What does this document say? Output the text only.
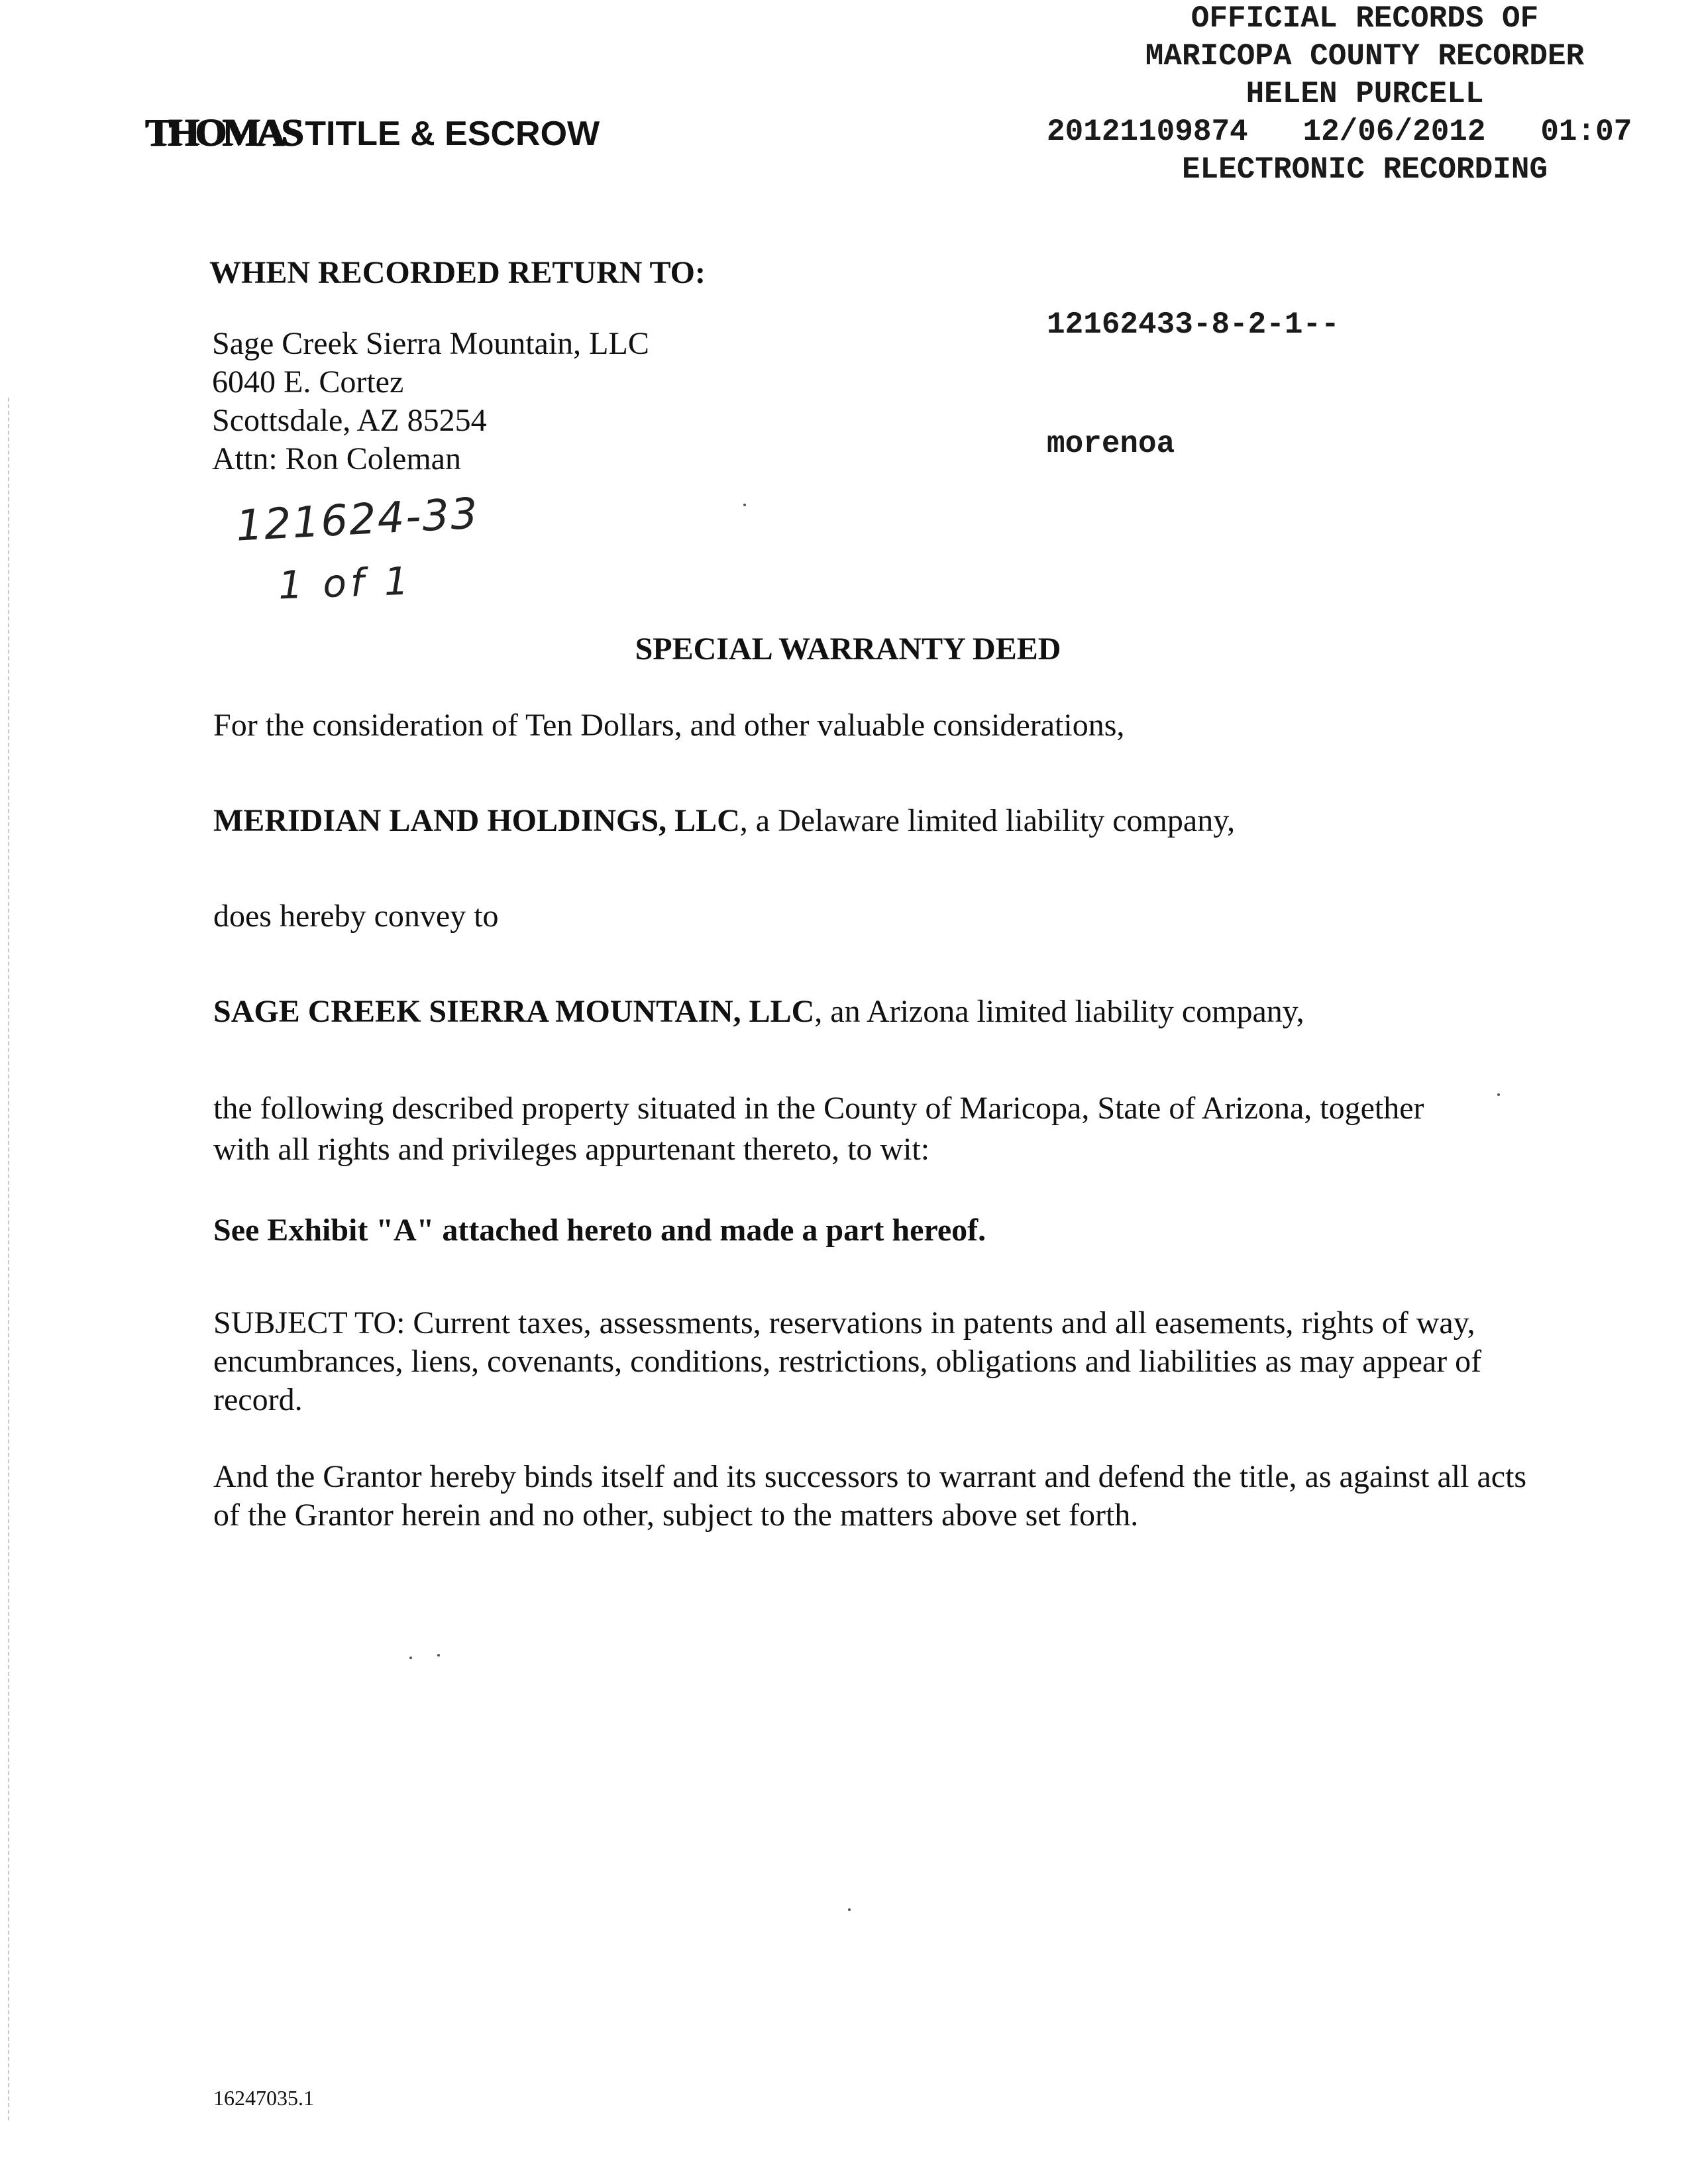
THOMAS TITLE & ESCROW
OFFICIAL RECORDS OF
MARICOPA COUNTY RECORDER
HELEN PURCELL
20121109874   12/06/2012   01:07
ELECTRONIC RECORDING

12162433-8-2-1--

morenoa

WHEN RECORDED RETURN TO:
Sage Creek Sierra Mountain, LLC
6040 E. Cortez
Scottsdale, AZ 85254
Attn: Ron Coleman
121624-33
1 of 1
SPECIAL WARRANTY DEED
For the consideration of Ten Dollars, and other valuable considerations,
MERIDIAN LAND HOLDINGS, LLC, a Delaware limited liability company,
does hereby convey to
SAGE CREEK SIERRA MOUNTAIN, LLC, an Arizona limited liability company,
the following described property situated in the County of Maricopa, State of Arizona, together
with all rights and privileges appurtenant thereto, to wit:
See Exhibit "A" attached hereto and made a part hereof.
SUBJECT TO: Current taxes, assessments, reservations in patents and all easements, rights of way, encumbrances, liens, covenants, conditions, restrictions, obligations and liabilities as may appear of record.
And the Grantor hereby binds itself and its successors to warrant and defend the title, as against all acts of the Grantor herein and no other, subject to the matters above set forth.
16247035.1
